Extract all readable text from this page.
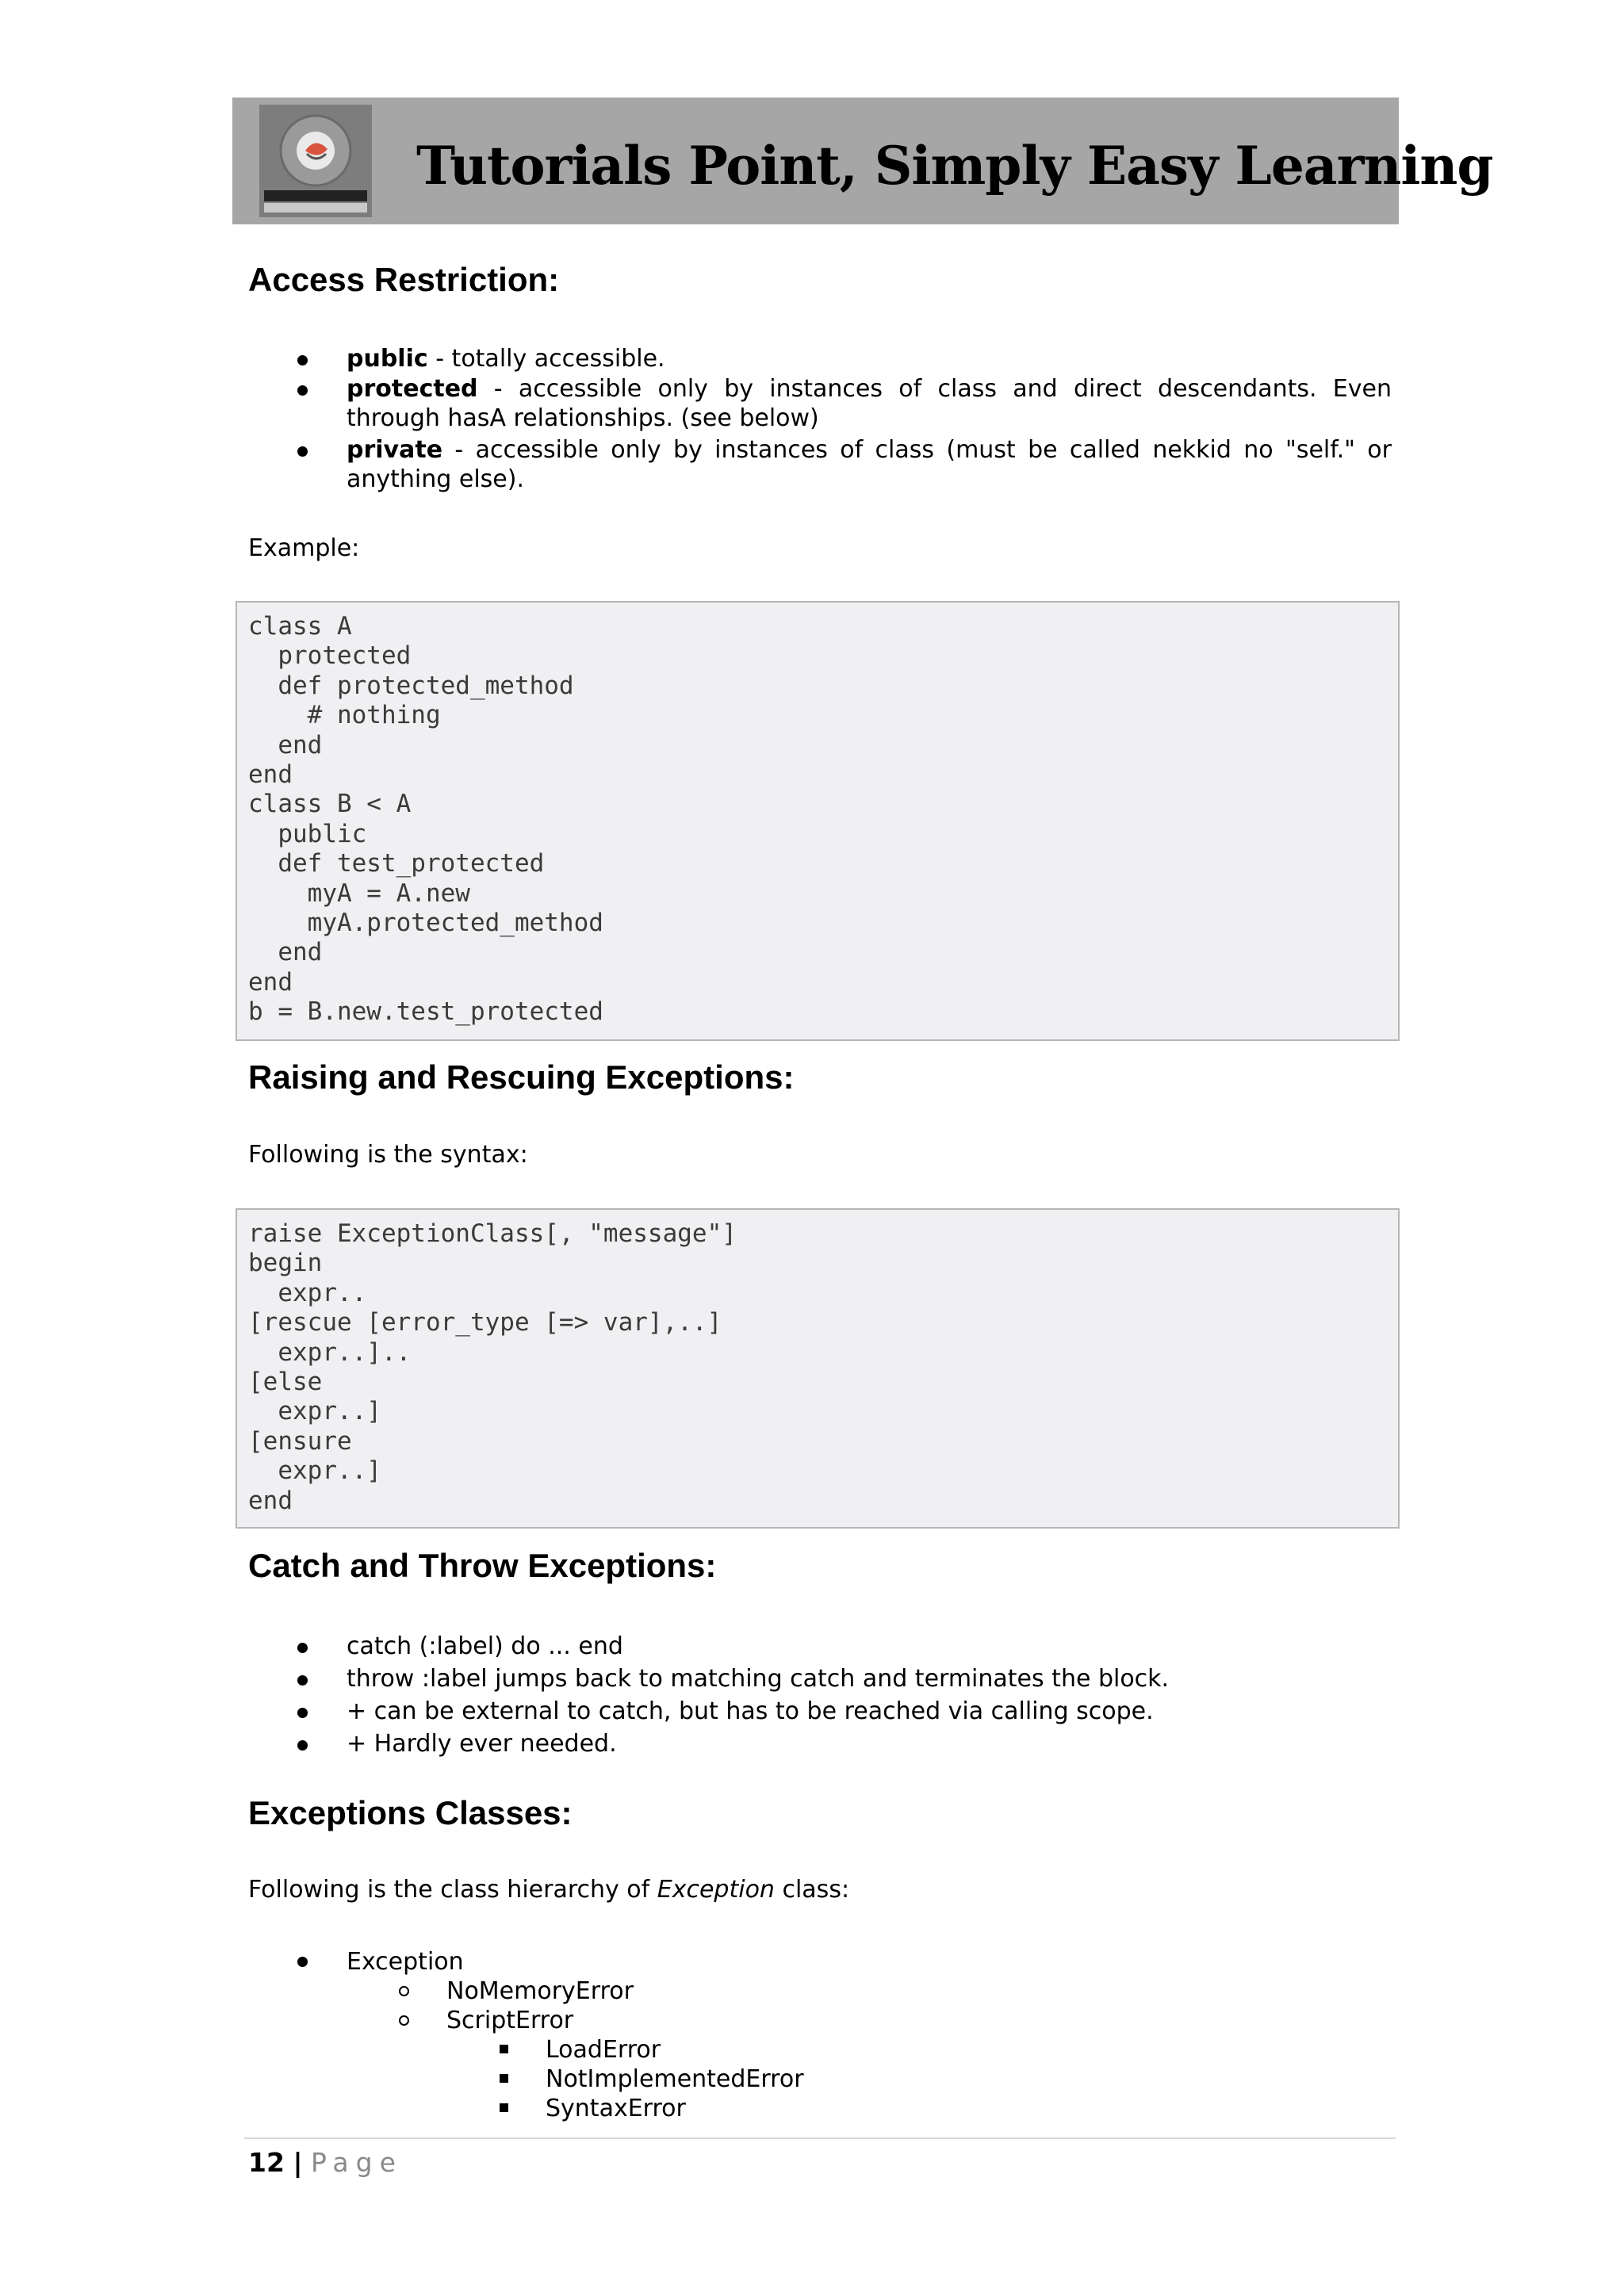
Tutorials Point, Simply Easy Learning
Access Restriction:
public - totally accessible.
protected - accessible only by instances of class and direct descendants. Even through hasA relationships. (see below)
private - accessible only by instances of class (must be called nekkid no "self." or anything else).

Example:

class A
protected
def protected_method
# nothing
end
end
class B < A
public
def test_protected
myA = A.new
myA.protected_method
end
end
b = B.new.test_protected
Raising and Rescuing Exceptions:

Following is the syntax:

raise ExceptionClass[, "message"]
begin
expr..
[rescue [error_type [=> var],..]
expr..]..
[else
expr..]
[ensure
expr..]
end
Catch and Throw Exceptions:
catch (:label) do ... end
throw :label jumps back to matching catch and terminates the block.
+ can be external to catch, but has to be reached via calling scope.
+ Hardly ever needed.
Exceptions Classes:

Following is the class hierarchy of Exception class:

Exception
NoMemoryError
ScriptError
LoadError
NotImplementedError
SyntaxError
12 | Page
